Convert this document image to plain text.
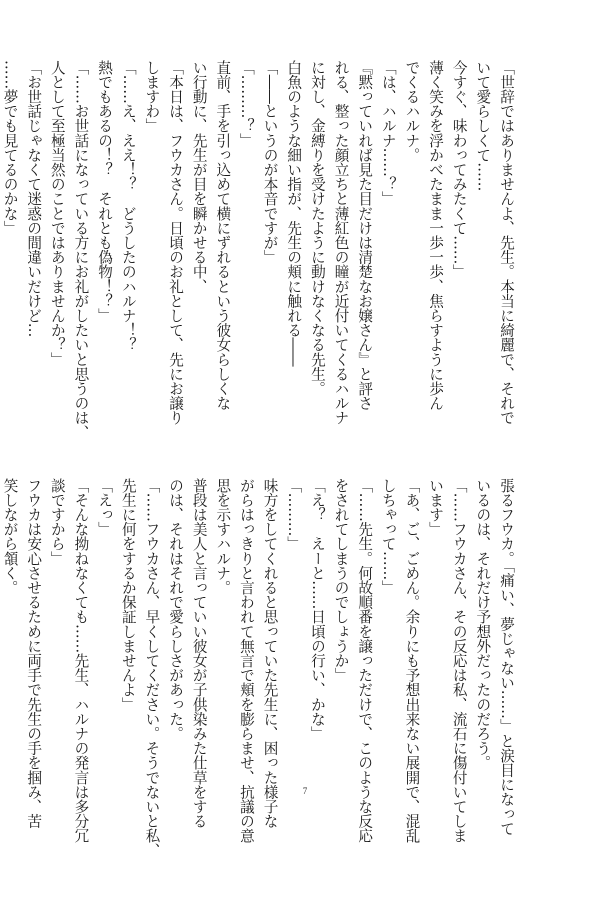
「世辞ではありませんよ、先生。本当に綺麗で、それで
いて愛らしくて……
今すぐ、味わってみたくて……」
薄く笑みを浮かべたまま一歩一歩、焦らすように歩ん
でくるハルナ。
「は、ハルナ……？」
『黙っていれば見た目だけは清楚なお嬢さん』と評さ
れる、整った顔立ちと薄紅色の瞳が近付いてくるハルナ
に対し、金縛りを受けたように動けなくなる先生。
白魚のような細い指が、先生の頬に触れる――
「――というのが本音ですが」
「………？」
直前、手を引っ込めて横にずれるという彼女らしくな
い行動に、先生が目を瞬かせる中、
「本日は、フウカさん。日頃のお礼として、先にお譲り
しますわ」
「……え、ええ！？　どうしたのハルナ！？
熱でもあるの！？　それとも偽物！？」
「……お世話になっている方にお礼がしたいと思うのは、
人として至極当然のことではありませんか？」
「お世話じゃなくて迷惑の間違いだけど…
……夢でも見てるのかな」
張るフウカ。「痛い、夢じゃない……」と涙目になって
いるのは、それだけ予想外だったのだろう。
「……フウカさん、その反応は私、流石に傷付いてしま
います」
「あ、ご、ごめん。余りにも予想出来ない展開で、混乱
しちゃって……」
「……先生。何故順番を譲っただけで、このような反応
をされてしまうのでしょうか」
「え？　えーと……日頃の行い、かな」
「………」
味方をしてくれると思っていた先生に、困った様子な
がらはっきりと言われて無言で頬を膨らませ、抗議の意
思を示すハルナ。
普段は美人と言っていい彼女が子供染みた仕草をする
のは、それはそれで愛らしさがあった。
「……フウカさん、早くしてください。そうでないと私、
先生に何をするか保証しませんよ」
「えっ」
「そんな拗ねなくても……先生、ハルナの発言は多分冗
談ですから」
フウカは安心させるために両手で先生の手を掴み、苦
笑しながら頷く。
7
